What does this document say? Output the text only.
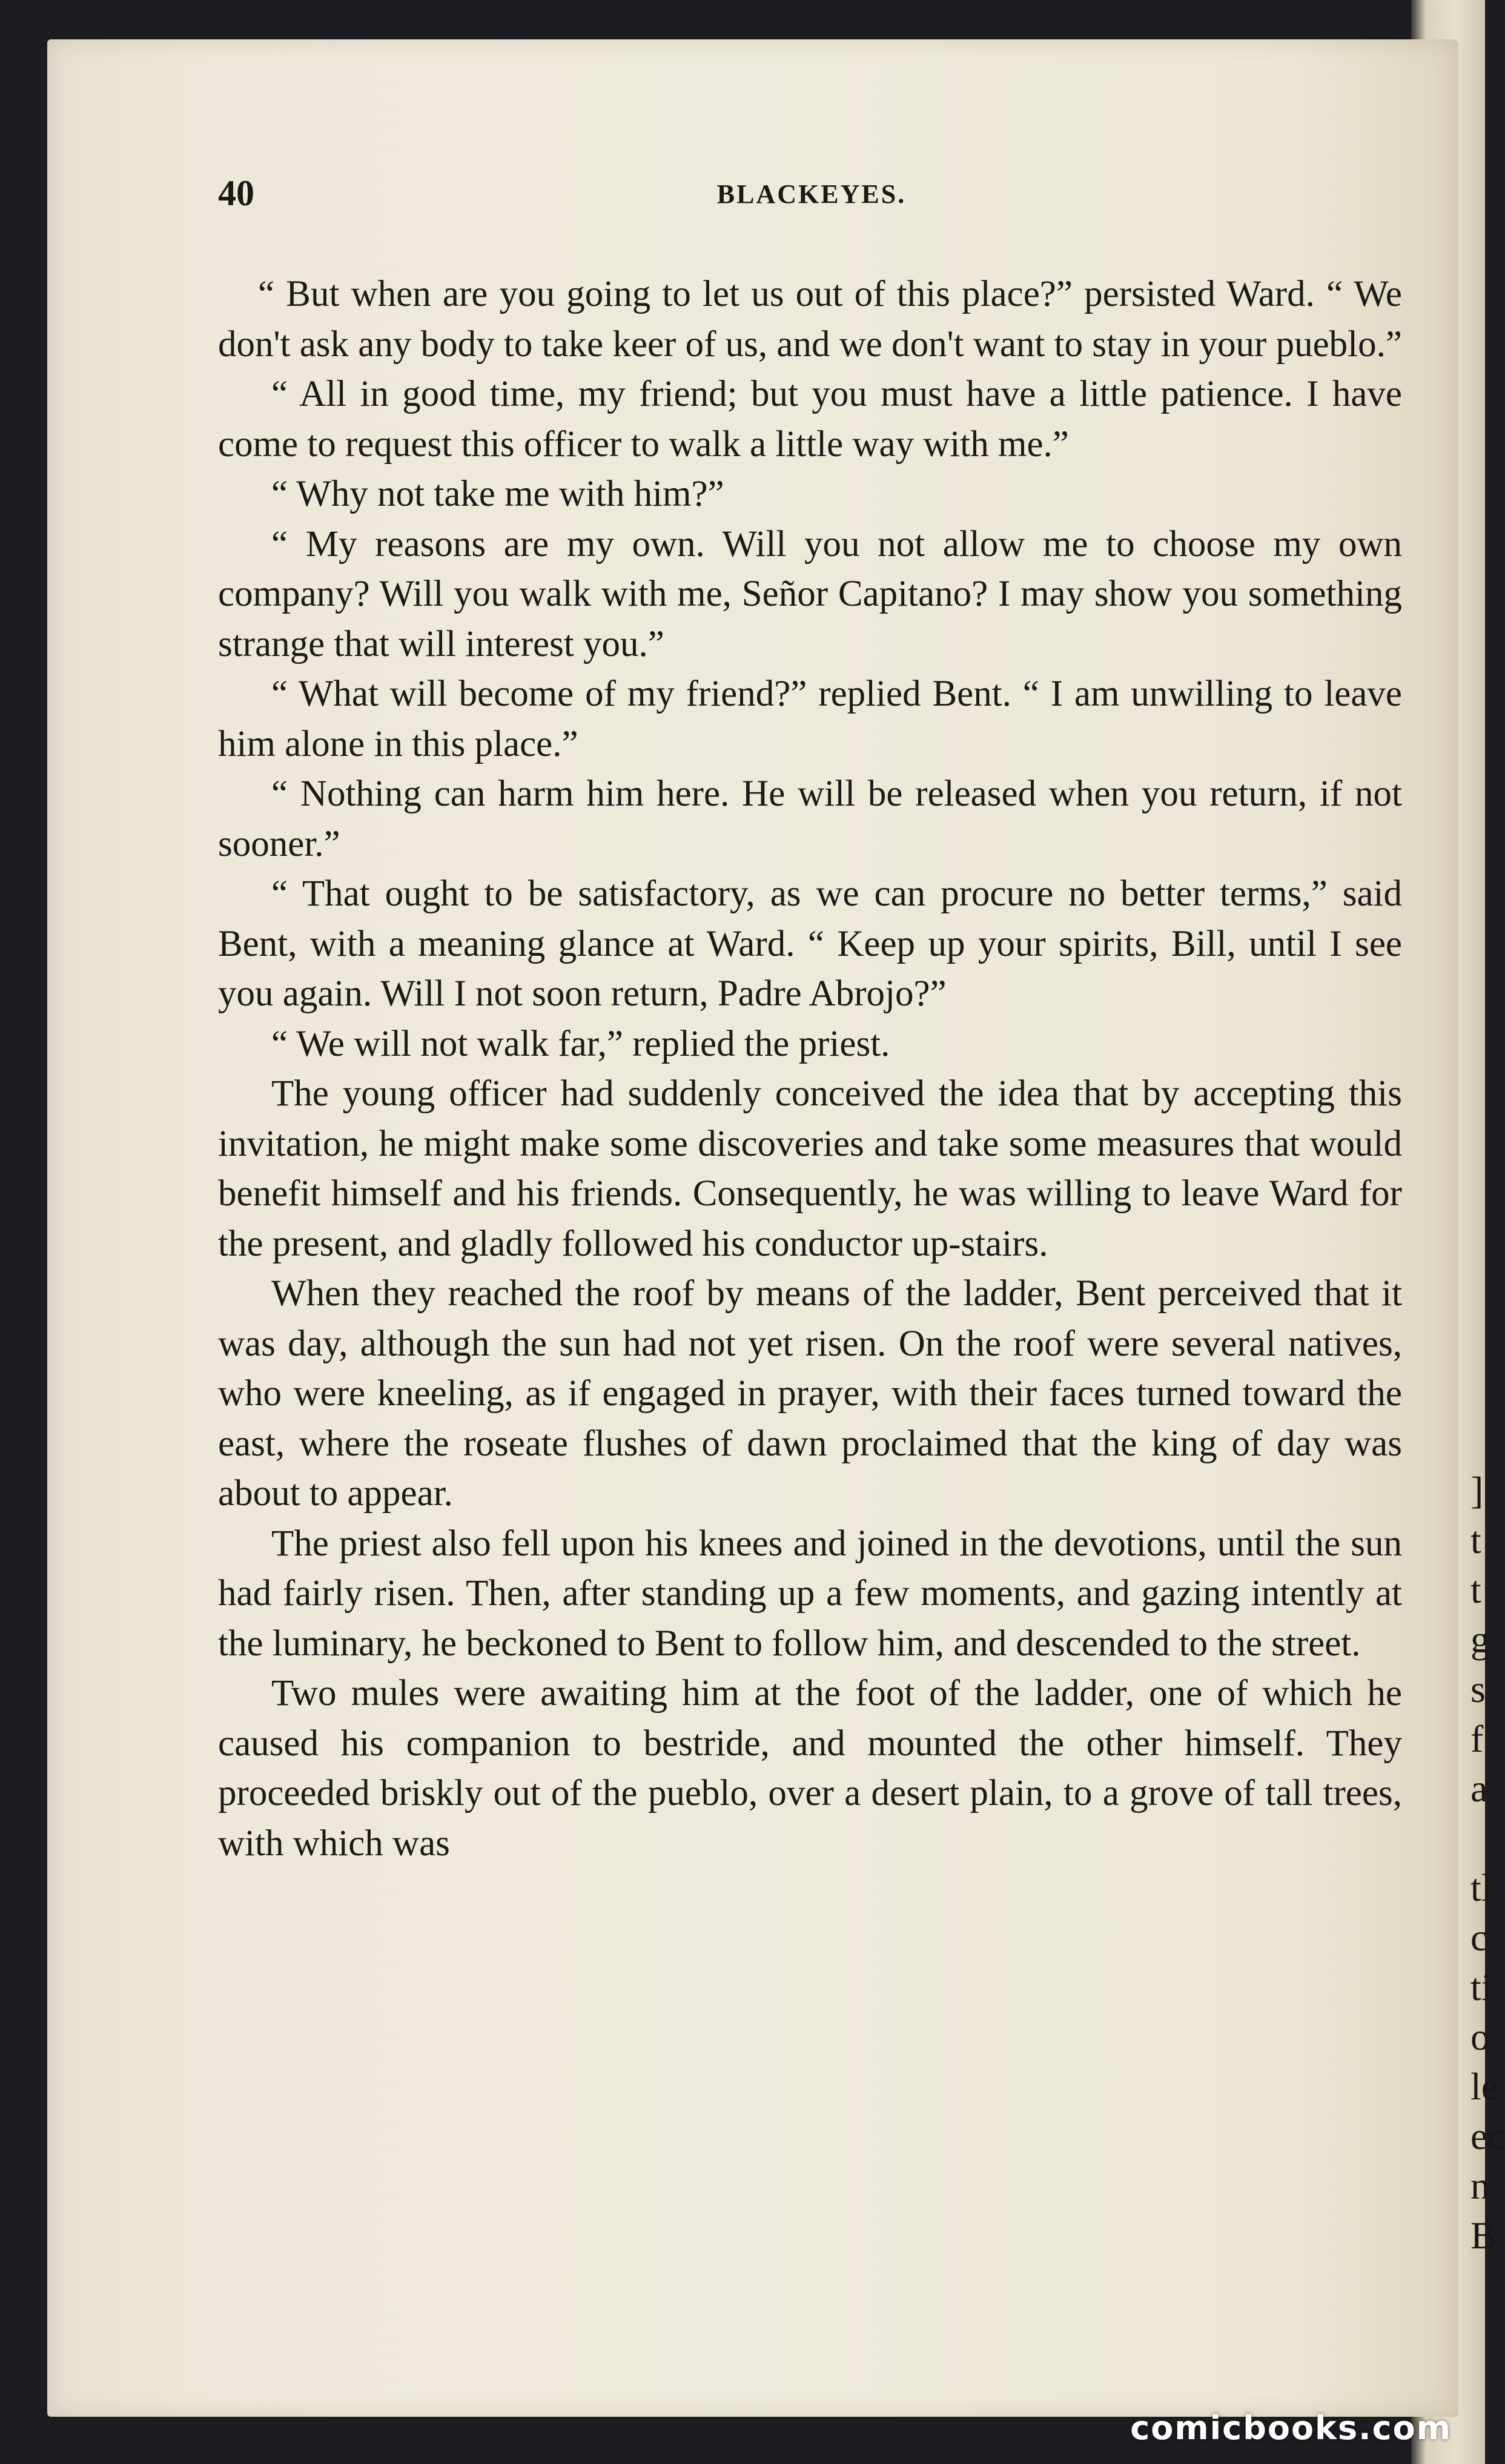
]
t
t
g
s
f
a

tl
c
ti
o
le
ec
n
B
40	BLACKEYES.

“ But when are you going to let us out of this place?” persisted Ward. “ We don't ask any body to take keer of us, and we don't want to stay in your pueblo.”

“ All in good time, my friend; but you must have a little patience. I have come to request this officer to walk a little way with me.”

“ Why not take me with him?”

“ My reasons are my own. Will you not allow me to choose my own company? Will you walk with me, Señor Capitano? I may show you something strange that will interest you.”

“ What will become of my friend?” replied Bent. “ I am unwilling to leave him alone in this place.”

“ Nothing can harm him here. He will be released when you return, if not sooner.”

“ That ought to be satisfactory, as we can procure no better terms,” said Bent, with a meaning glance at Ward. “ Keep up your spirits, Bill, until I see you again. Will I not soon return, Padre Abrojo?”

“ We will not walk far,” replied the priest.

The young officer had suddenly conceived the idea that by accepting this invitation, he might make some discoveries and take some measures that would benefit himself and his friends. Consequently, he was willing to leave Ward for the present, and gladly followed his conductor up-stairs.

When they reached the roof by means of the ladder, Bent perceived that it was day, although the sun had not yet risen. On the roof were several natives, who were kneeling, as if engaged in prayer, with their faces turned toward the east, where the roseate flushes of dawn proclaimed that the king of day was about to appear.

The priest also fell upon his knees and joined in the devotions, until the sun had fairly risen. Then, after standing up a few moments, and gazing intently at the luminary, he beckoned to Bent to follow him, and descended to the street.

Two mules were awaiting him at the foot of the ladder, one of which he caused his companion to bestride, and mounted the other himself. They proceeded briskly out of the pueblo, over a desert plain, to a grove of tall trees, with which was

comicbooks.com
